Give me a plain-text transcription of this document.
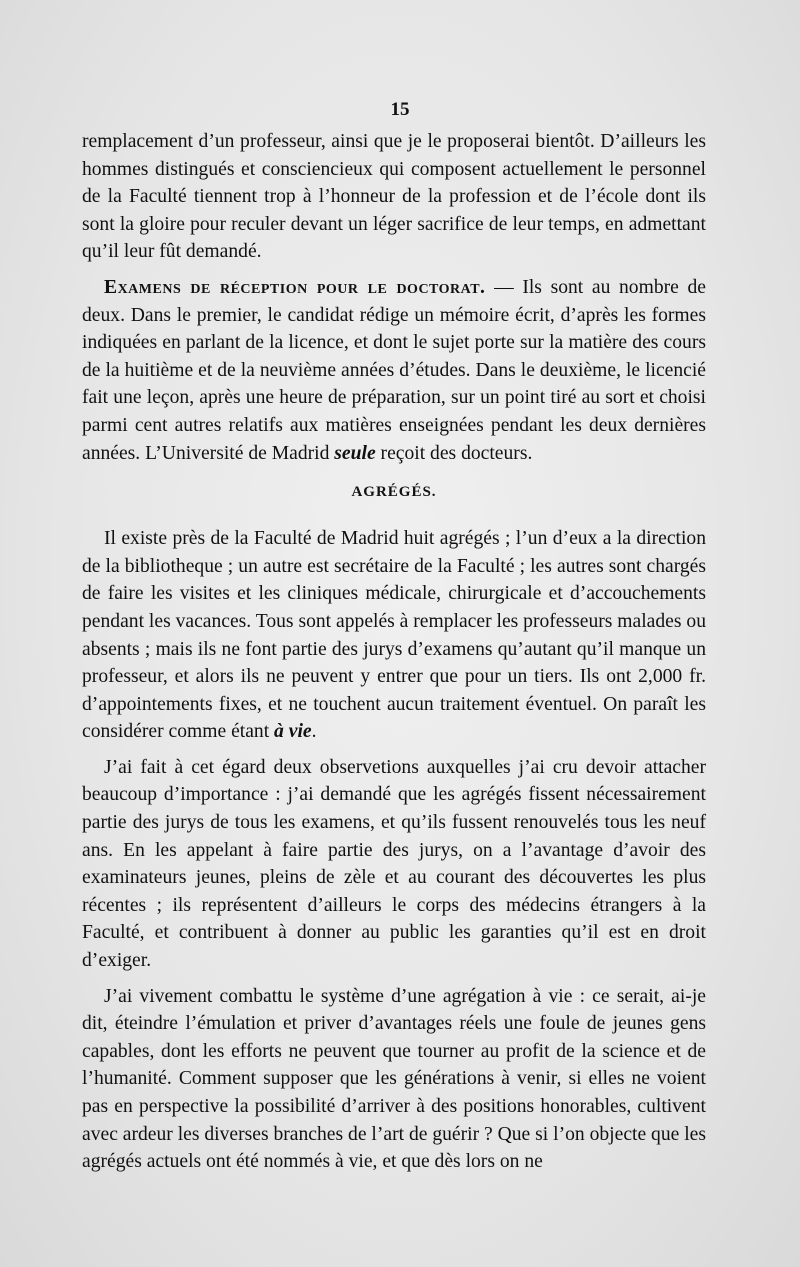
15

remplacement d’un professeur, ainsi que je le proposerai bientôt. D’ailleurs les hommes distingués et consciencieux qui composent actuellement le personnel de la Faculté tiennent trop à l’honneur de la profession et de l’école dont ils sont la gloire pour reculer devant un léger sacrifice de leur temps, en admettant qu’il leur fût demandé.

Examens de réception pour le doctorat. — Ils sont au nombre de deux. Dans le premier, le candidat rédige un mémoire écrit, d’après les formes indiquées en parlant de la licence, et dont le sujet porte sur la matière des cours de la huitième et de la neuvième années d’études. Dans le deuxième, le licencié fait une leçon, après une heure de préparation, sur un point tiré au sort et choisi parmi cent autres relatifs aux matières enseignées pendant les deux dernières années. L’Université de Madrid seule reçoit des docteurs.

AGRÉGÉS.

Il existe près de la Faculté de Madrid huit agrégés ; l’un d’eux a la direction de la bibliotheque ; un autre est secrétaire de la Faculté ; les autres sont chargés de faire les visites et les cliniques médicale, chirurgicale et d’accouchements pendant les vacances. Tous sont appelés à remplacer les professeurs malades ou absents ; mais ils ne font partie des jurys d’examens qu’autant qu’il manque un professeur, et alors ils ne peuvent y entrer que pour un tiers. Ils ont 2,000 fr. d’appointements fixes, et ne touchent aucun traitement éventuel. On paraît les considérer comme étant à vie.

J’ai fait à cet égard deux observetions auxquelles j’ai cru devoir attacher beaucoup d’importance : j’ai demandé que les agrégés fissent nécessairement partie des jurys de tous les examens, et qu’ils fussent renouvelés tous les neuf ans. En les appelant à faire partie des jurys, on a l’avantage d’avoir des examinateurs jeunes, pleins de zèle et au courant des découvertes les plus récentes ; ils représentent d’ailleurs le corps des médecins étrangers à la Faculté, et contribuent à donner au public les garanties qu’il est en droit d’exiger.

J’ai vivement combattu le système d’une agrégation à vie : ce serait, ai-je dit, éteindre l’émulation et priver d’avantages réels une foule de jeunes gens capables, dont les efforts ne peuvent que tourner au profit de la science et de l’humanité. Comment supposer que les générations à venir, si elles ne voient pas en perspective la possibilité d’arriver à des positions honorables, cultivent avec ardeur les diverses branches de l’art de guérir ? Que si l’on objecte que les agrégés actuels ont été nommés à vie, et que dès lors on ne
